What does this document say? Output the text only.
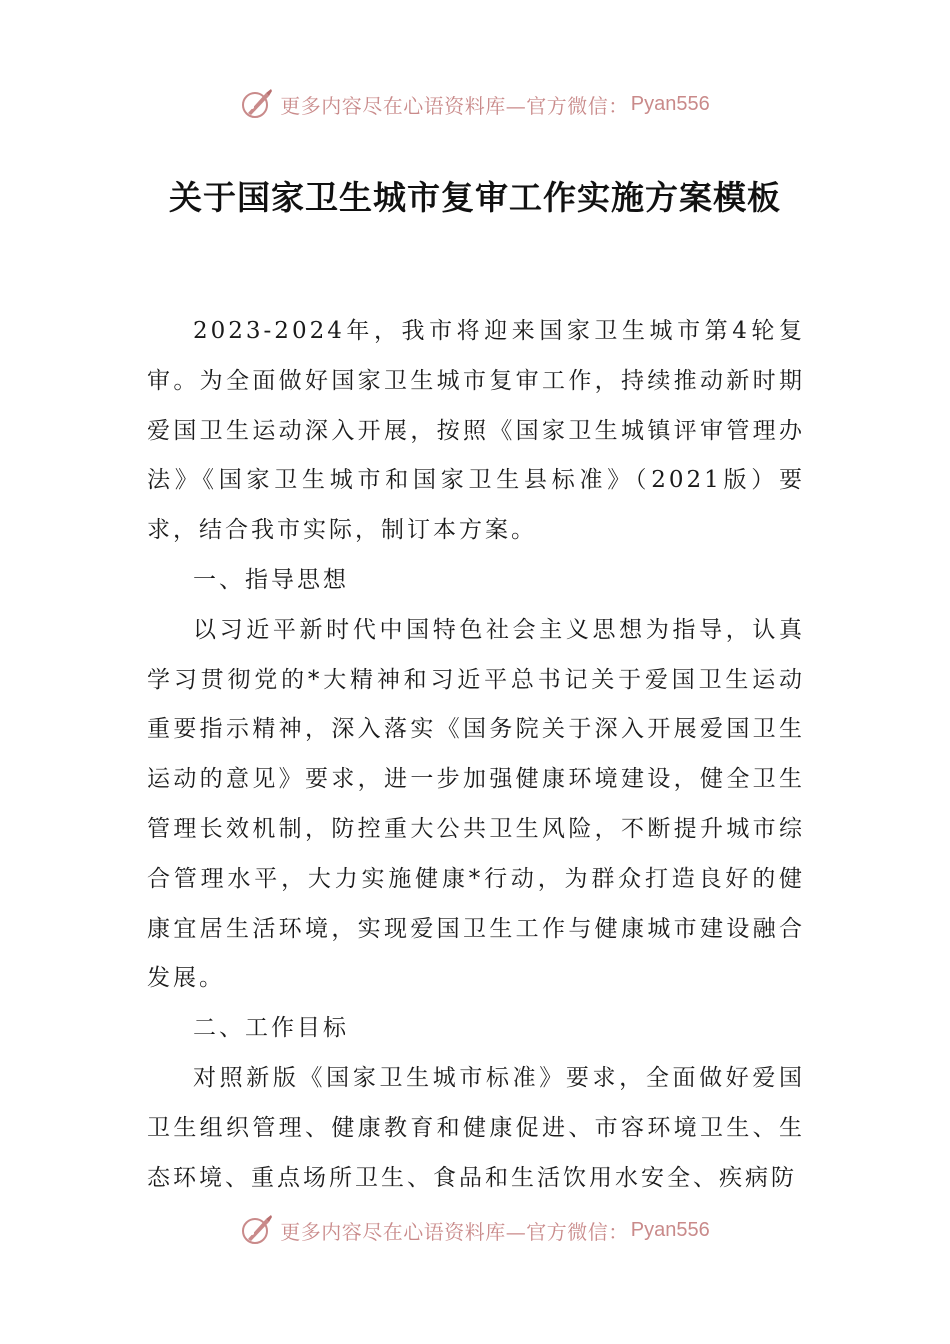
更多内容尽在心语资料库—官方微信： Pyan556
关于国家卫生城市复审工作实施方案模板

2023-2024年，我市将迎来国家卫生城市第4轮复审。为全面做好国家卫生城市复审工作，持续推动新时期爱国卫生运动深入开展，按照《国家卫生城镇评审管理办法》《国家卫生城市和国家卫生县标准》（2021版）要求，结合我市实际，制订本方案。

一、指导思想

以习近平新时代中国特色社会主义思想为指导，认真学习贯彻党的*大精神和习近平总书记关于爱国卫生运动重要指示精神，深入落实《国务院关于深入开展爱国卫生运动的意见》要求，进一步加强健康环境建设，健全卫生管理长效机制，防控重大公共卫生风险，不断提升城市综合管理水平，大力实施健康*行动，为群众打造良好的健康宜居生活环境，实现爱国卫生工作与健康城市建设融合发展。

二、工作目标

对照新版《国家卫生城市标准》要求，全面做好爱国卫生组织管理、健康教育和健康促进、市容环境卫生、生态环境、重点场所卫生、食品和生活饮用水安全、疾病防

更多内容尽在心语资料库—官方微信： Pyan556
